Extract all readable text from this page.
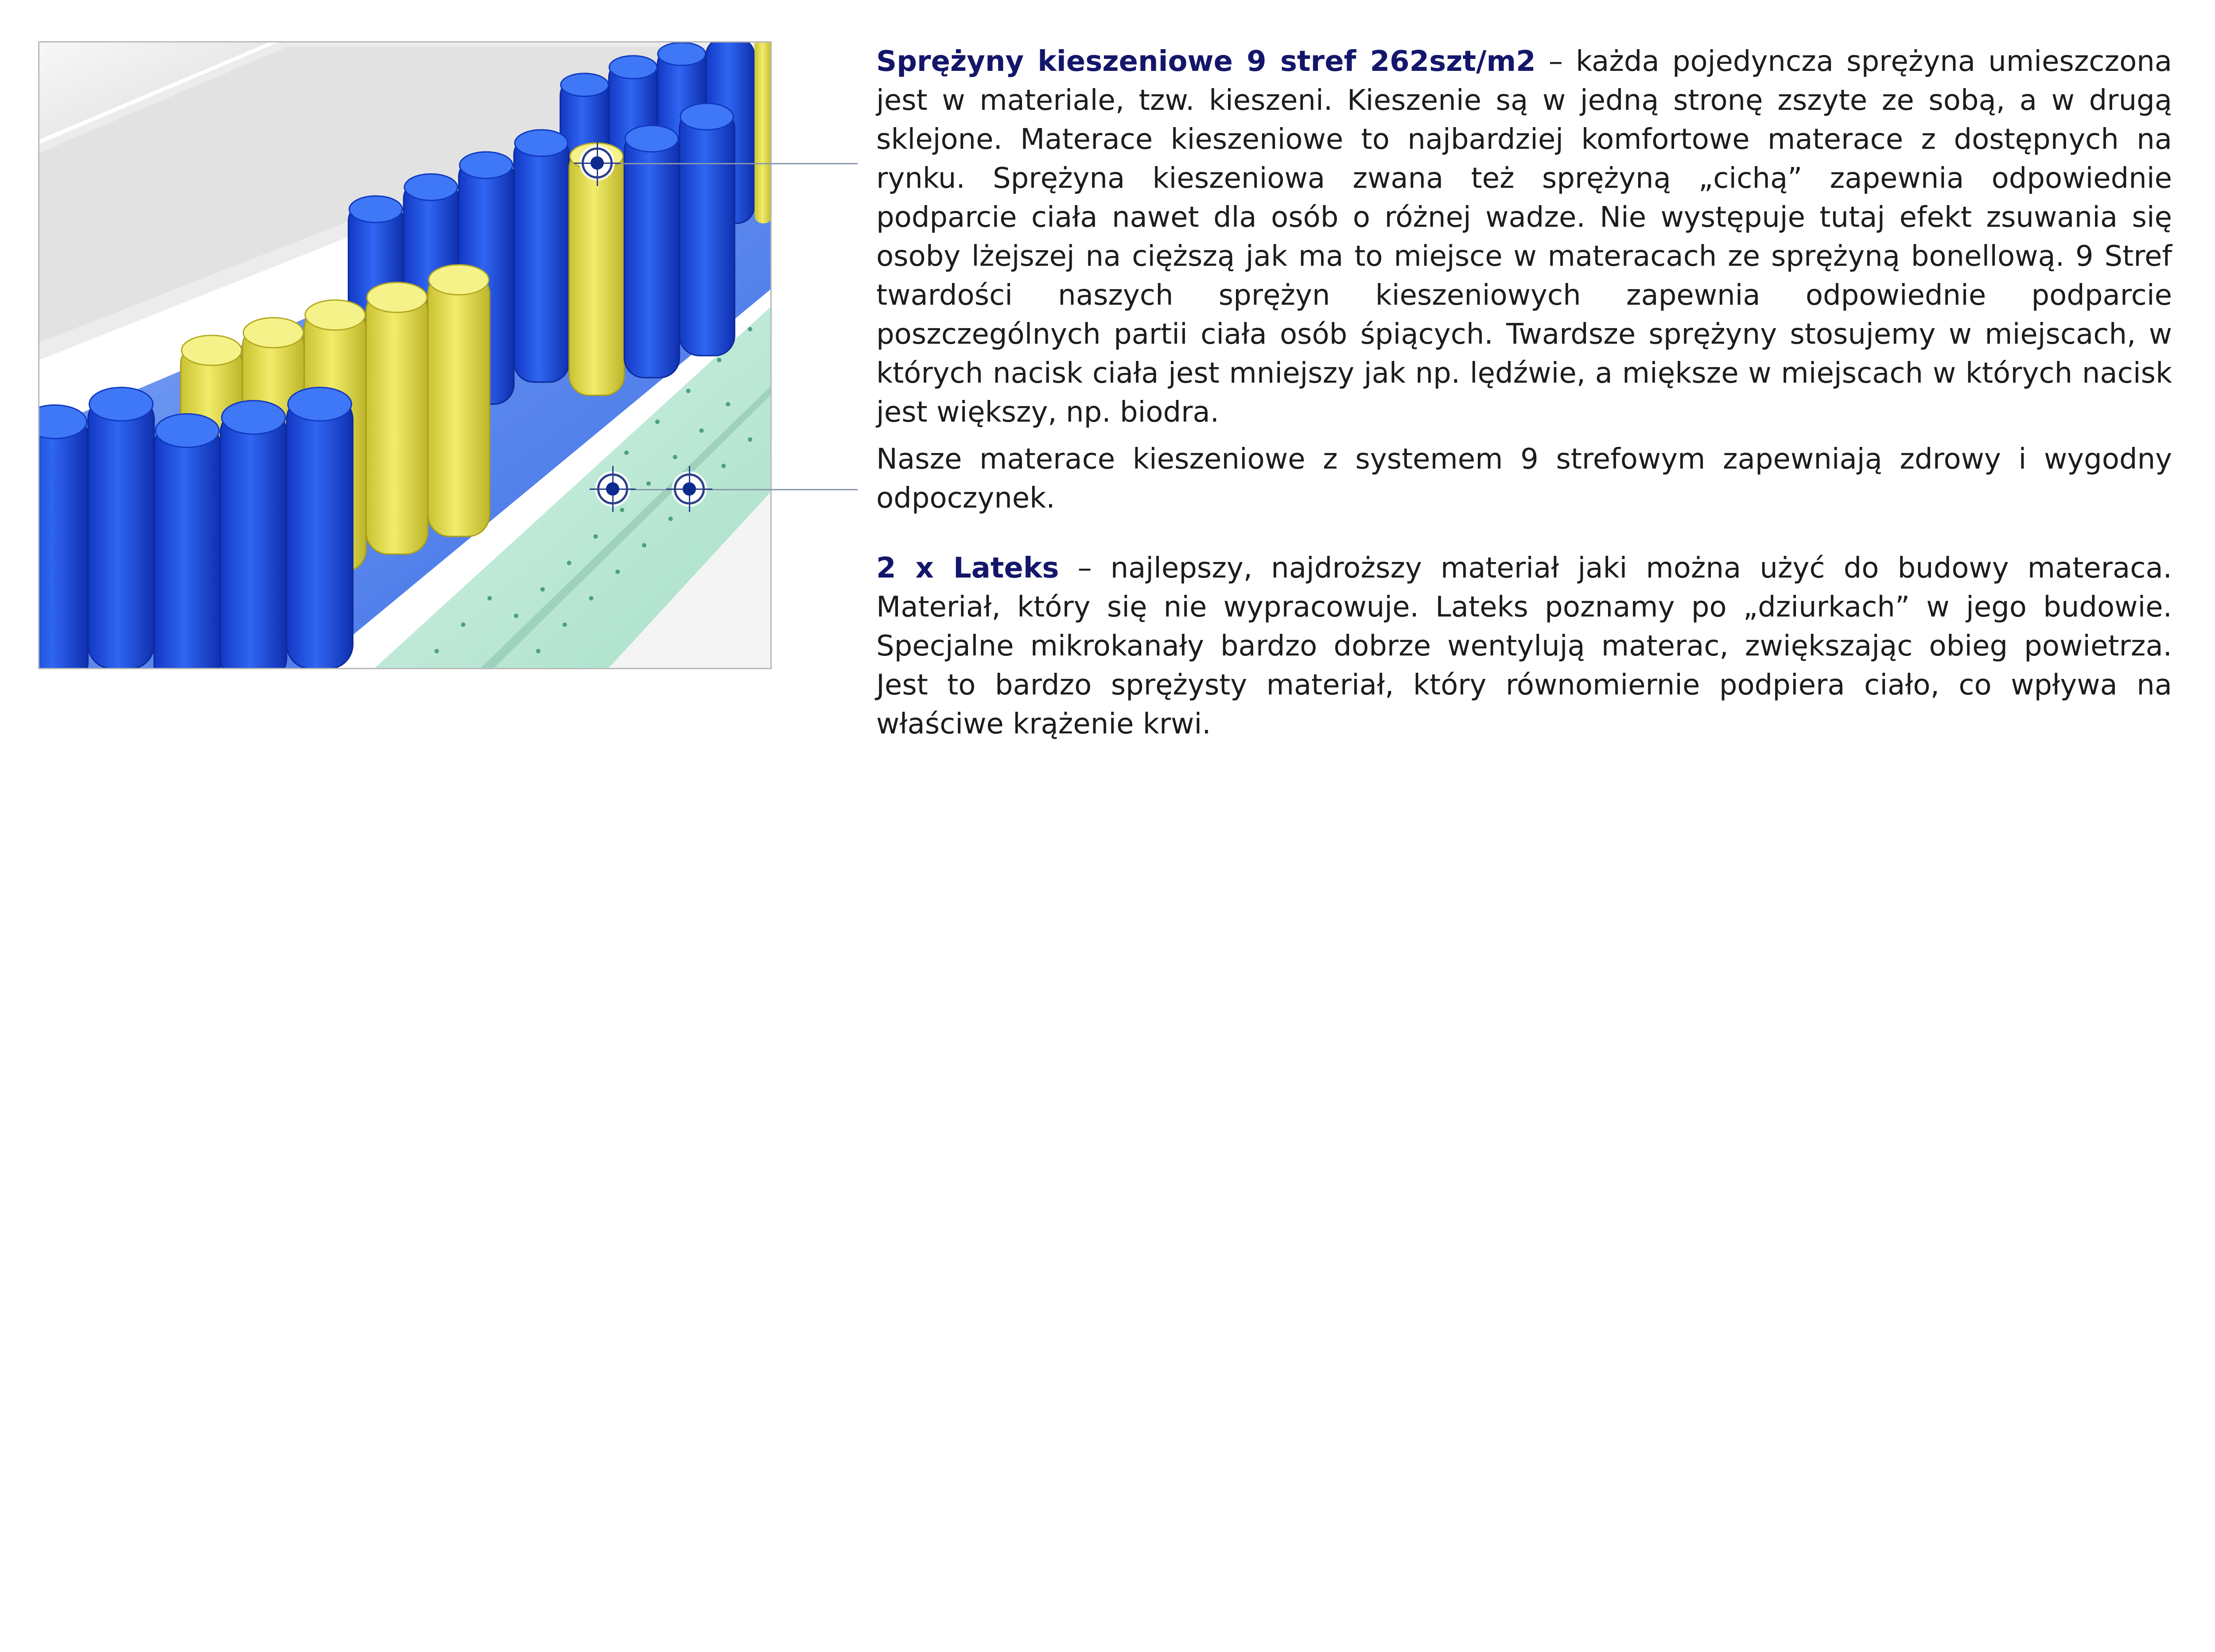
Sprężyny kieszeniowe 9 stref 262szt/m2 – każda pojedyncza sprężyna umieszczona jest w materiale, tzw. kieszeni. Kieszenie są w jedną stronę zszyte ze sobą, a w drugą sklejone. Materace kieszeniowe to najbardziej komfortowe materace z dostępnych na rynku. Sprężyna kieszeniowa zwana też sprężyną „cichą” zapewnia odpowiednie podparcie ciała nawet dla osób o różnej wadze. Nie występuje tutaj efekt zsuwania się osoby lżejszej na cięższą jak ma to miejsce w materacach ze sprężyną bonellową. 9 Stref twardości naszych sprężyn kieszeniowych zapewnia odpowiednie podparcie poszczególnych partii ciała osób śpiących. Twardsze sprężyny stosujemy w miejscach, w których nacisk ciała jest mniejszy jak np. lędźwie, a miększe w miejscach w których nacisk jest większy, np. biodra.

Nasze materace kieszeniowe z systemem 9 strefowym zapewniają zdrowy i wygodny odpoczynek.

2 x Lateks – najlepszy, najdroższy materiał jaki można użyć do budowy materaca. Materiał, który się nie wypracowuje. Lateks poznamy po „dziurkach” w jego budowie. Specjalne mikrokanały bardzo dobrze wentylują materac, zwiększając obieg powietrza. Jest to bardzo sprężysty materiał, który równomiernie podpiera ciało, co wpływa na właściwe krążenie krwi.
